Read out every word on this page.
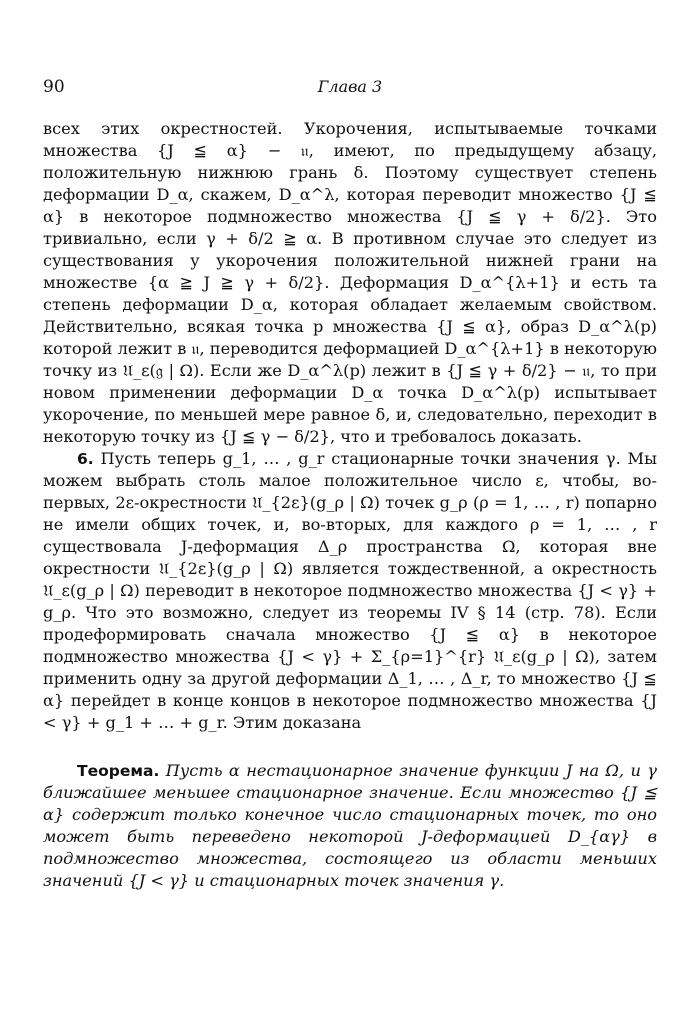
90	Глава 3

всех этих окрестностей. Укорочения, испытываемые точками множества {J ≦ α} − 𝔲, имеют, по предыдущему абзацу, положительную нижнюю грань δ. Поэтому существует степень деформации D_α, скажем, D_α^λ, которая переводит множество {J ≦ α} в некоторое подмножество множества {J ≦ γ + δ/2}. Это тривиально, если γ + δ/2 ≧ α. В противном случае это следует из существования у укорочения положительной нижней грани на множестве {α ≧ J ≧ γ + δ/2}. Деформация D_α^{λ+1} и есть та степень деформации D_α, которая обладает желаемым свойством. Действительно, всякая точка p множества {J ≦ α}, образ D_α^λ(p) которой лежит в 𝔲, переводится деформацией D_α^{λ+1} в некоторую точку из 𝔘_ε(𝔤 | Ω). Если же D_α^λ(p) лежит в {J ≦ γ + δ/2} − 𝔲, то при новом применении деформации D_α точка D_α^λ(p) испытывает укорочение, по меньшей мере равное δ, и, следовательно, переходит в некоторую точку из {J ≦ γ − δ/2}, что и требовалось доказать.

6. Пусть теперь g_1, … , g_r стационарные точки значения γ. Мы можем выбрать столь малое положительное число ε, чтобы, во-первых, 2ε-окрестности 𝔘_{2ε}(g_ρ | Ω) точек g_ρ (ρ = 1, … , r) попарно не имели общих точек, и, во-вторых, для каждого ρ = 1, … , r существовала J-деформация Δ_ρ пространства Ω, которая вне окрестности 𝔘_{2ε}(g_ρ | Ω) является тождественной, а окрестность 𝔘_ε(g_ρ | Ω) переводит в некоторое подмножество множества {J < γ} + g_ρ. Что это возможно, следует из теоремы IV § 14 (стр. 78). Если продеформировать сначала множество {J ≦ α} в некоторое подмножество множества {J < γ} + Σ_{ρ=1}^{r} 𝔘_ε(g_ρ | Ω), затем применить одну за другой деформации Δ_1, … , Δ_r, то множество {J ≦ α} перейдет в конце концов в некоторое подмножество множества {J < γ} + g_1 + … + g_r. Этим доказана

Теорема. Пусть α нестационарное значение функции J на Ω, и γ ближайшее меньшее стационарное значение. Если множество {J ≦ α} содержит только конечное число стационарных точек, то оно может быть переведено некоторой J-деформацией D_{αγ} в подмножество множества, состоящего из области меньших значений {J < γ} и стационарных точек значения γ.
